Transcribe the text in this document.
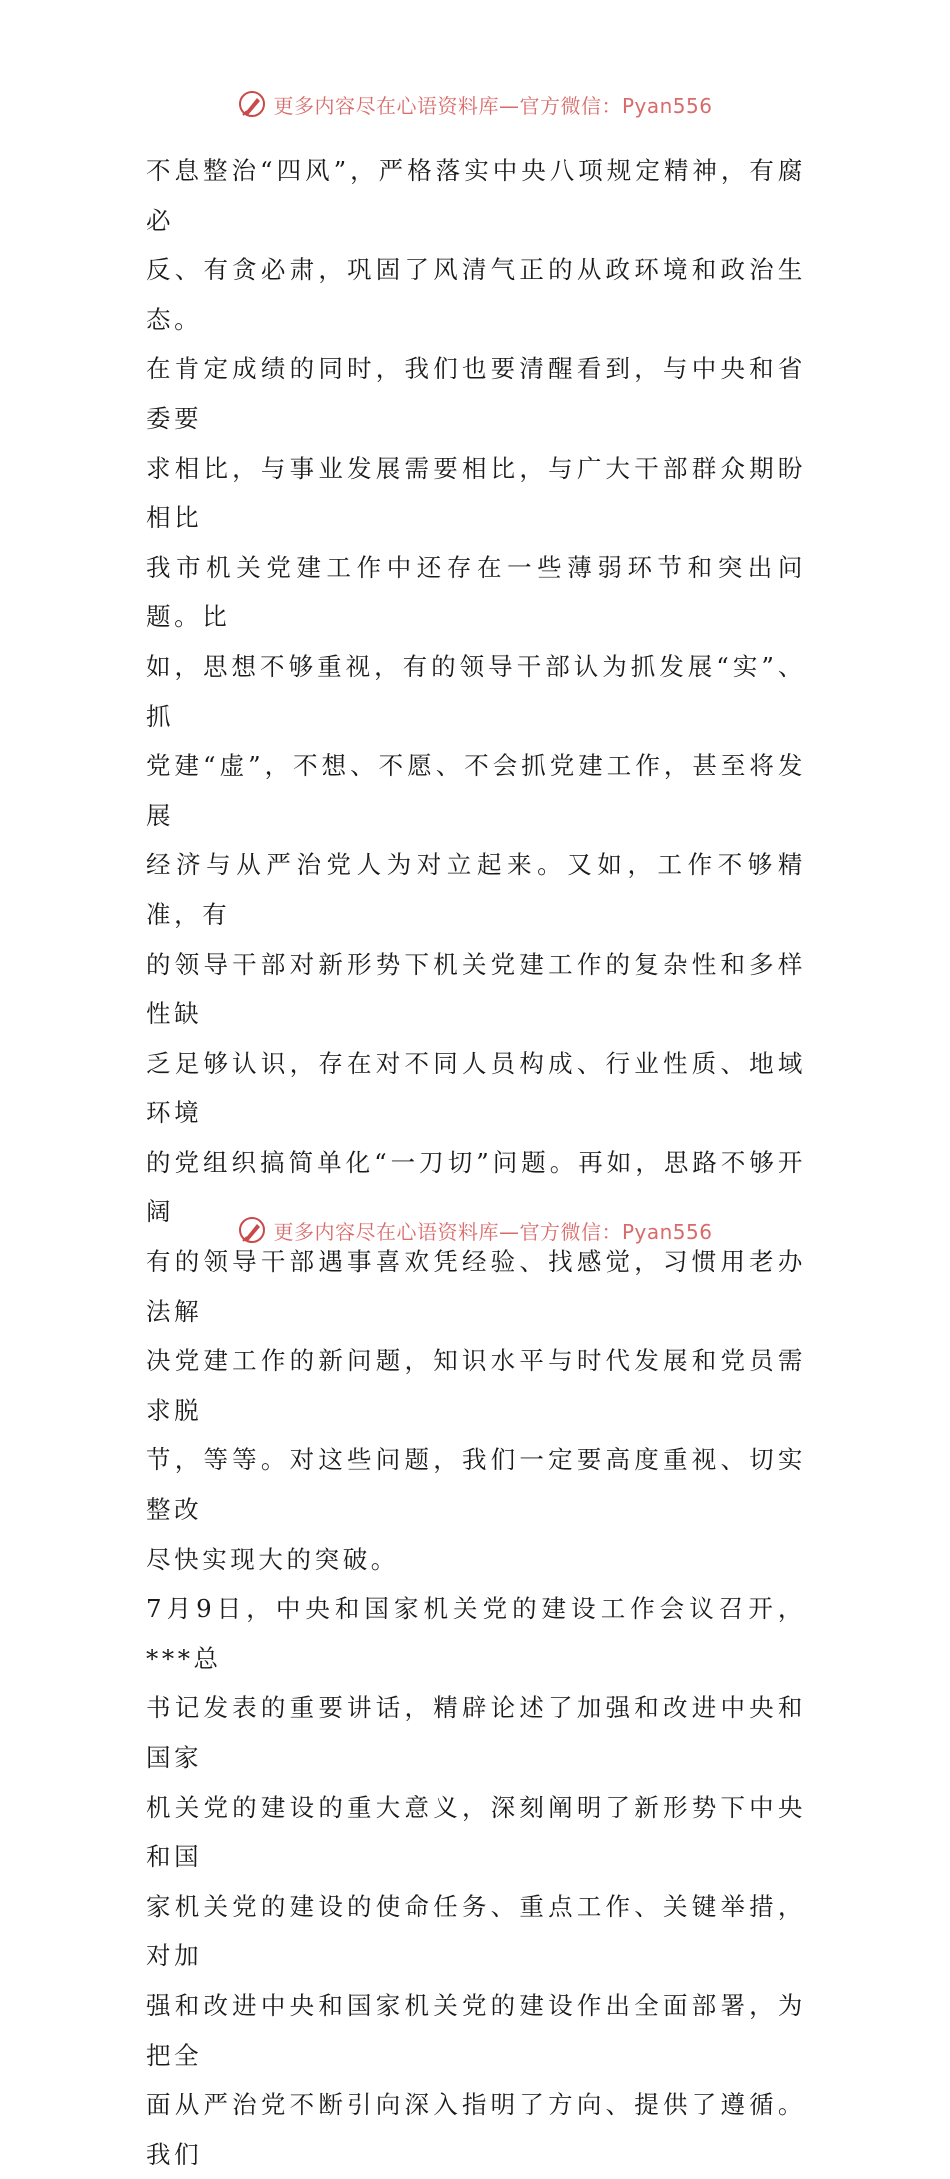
更多内容尽在心语资料库—官方微信：Pyan556
不息整治“四风”，严格落实中央八项规定精神，有腐必
反、有贪必肃，巩固了风清气正的从政环境和政治生态。
在肯定成绩的同时，我们也要清醒看到，与中央和省委要
求相比，与事业发展需要相比，与广大干部群众期盼相比
我市机关党建工作中还存在一些薄弱环节和突出问题。比
如，思想不够重视，有的领导干部认为抓发展“实”、抓
党建“虚”，不想、不愿、不会抓党建工作，甚至将发展
经济与从严治党人为对立起来。又如，工作不够精准，有
的领导干部对新形势下机关党建工作的复杂性和多样性缺
乏足够认识，存在对不同人员构成、行业性质、地域环境
的党组织搞简单化“一刀切”问题。再如，思路不够开阔
有的领导干部遇事喜欢凭经验、找感觉，习惯用老办法解
决党建工作的新问题，知识水平与时代发展和党员需求脱
节，等等。对这些问题，我们一定要高度重视、切实整改
尽快实现大的突破。
7月9日，中央和国家机关党的建设工作会议召开，***总
书记发表的重要讲话，精辟论述了加强和改进中央和国家
机关党的建设的重大意义，深刻阐明了新形势下中央和国
家机关党的建设的使命任务、重点工作、关键举措，对加
强和改进中央和国家机关党的建设作出全面部署，为把全
面从严治党不断引向深入指明了方向、提供了遵循。我们
更多内容尽在心语资料库—官方微信：Pyan556
